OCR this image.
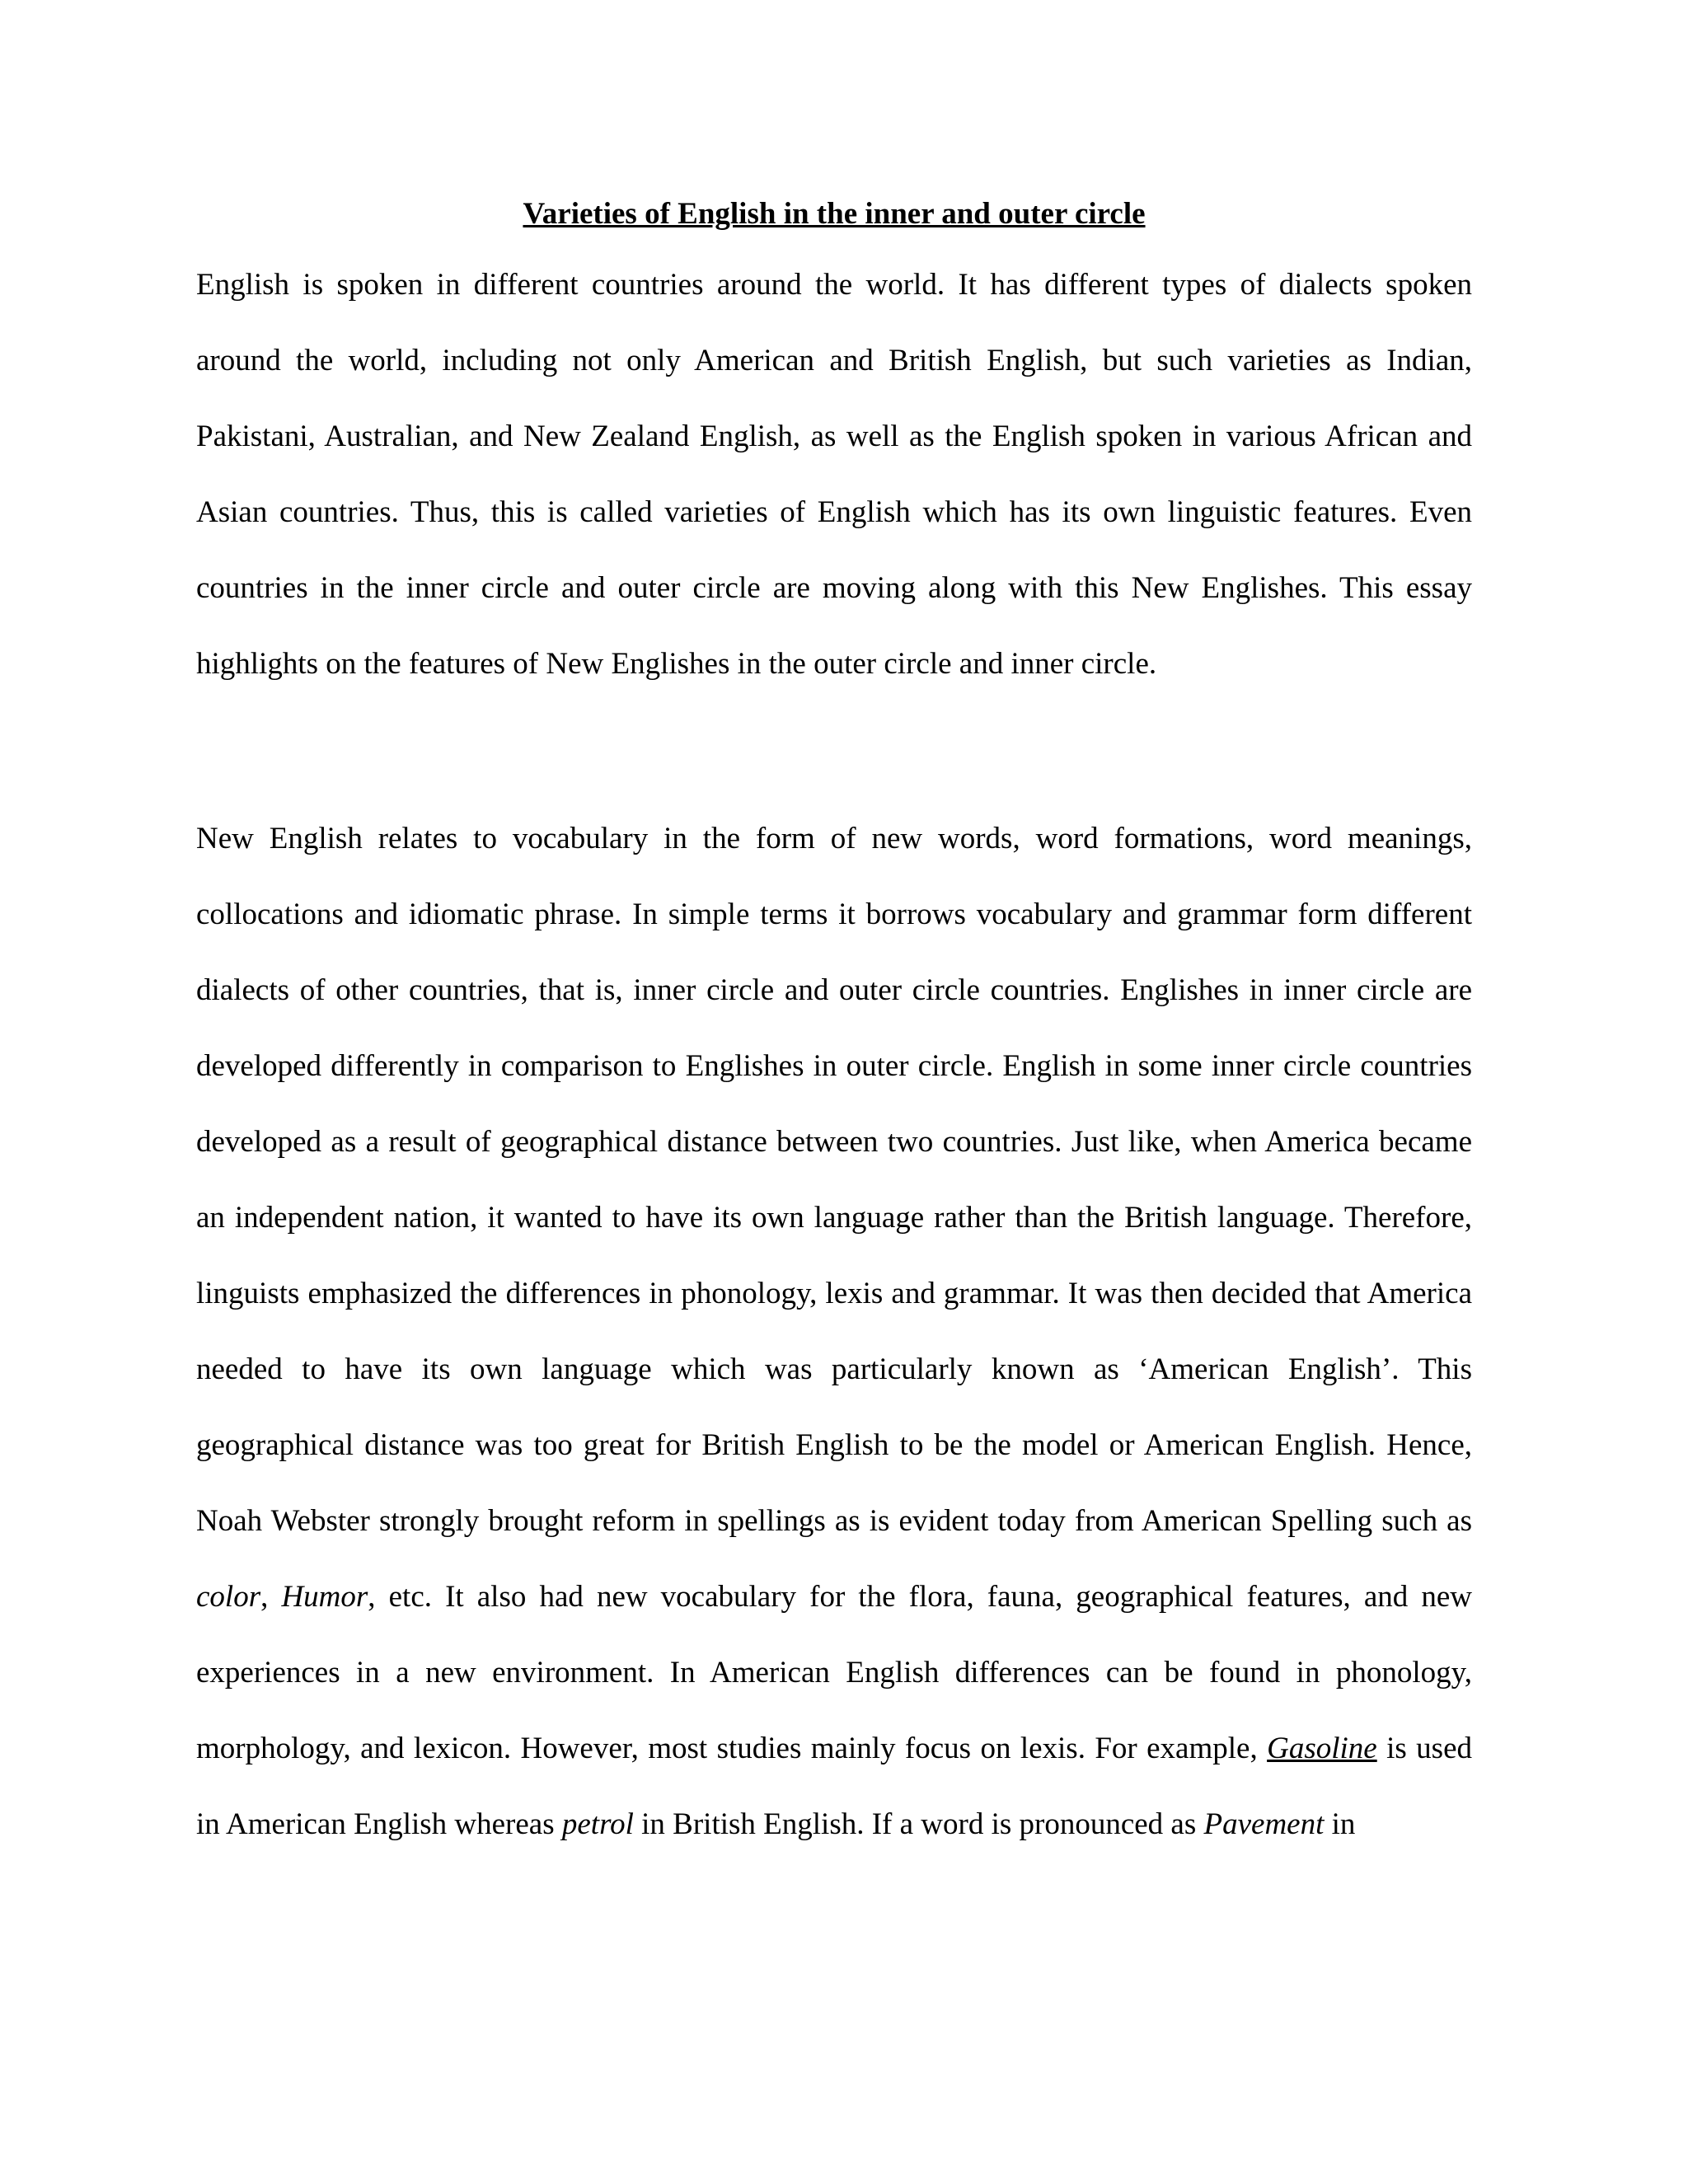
Varieties of English in the inner and outer circle

English is spoken in different countries around the world. It has different types of dialects spoken around the world, including not only American and British English, but such varieties as Indian, Pakistani, Australian, and New Zealand English, as well as the English spoken in various African and Asian countries. Thus, this is called varieties of English which has its own linguistic features. Even countries in the inner circle and outer circle are moving along with this New Englishes. This essay highlights on the features of New Englishes in the outer circle and inner circle.

New English relates to vocabulary in the form of new words, word formations, word meanings, collocations and idiomatic phrase. In simple terms it borrows vocabulary and grammar form different dialects of other countries, that is, inner circle and outer circle countries. Englishes in inner circle are developed differently in comparison to Englishes in outer circle. English in some inner circle countries developed as a result of geographical distance between two countries. Just like, when America became an independent nation, it wanted to have its own language rather than the British language. Therefore, linguists emphasized the differences in phonology, lexis and grammar. It was then decided that America needed to have its own language which was particularly known as ‘American English’. This geographical distance was too great for British English to be the model or American English. Hence, Noah Webster strongly brought reform in spellings as is evident today from American Spelling such as color, Humor, etc. It also had new vocabulary for the flora, fauna, geographical features, and new experiences in a new environment. In American English differences can be found in phonology, morphology, and lexicon. However, most studies mainly focus on lexis. For example, Gasoline is used in American English whereas petrol in British English. If a word is pronounced as Pavement in
